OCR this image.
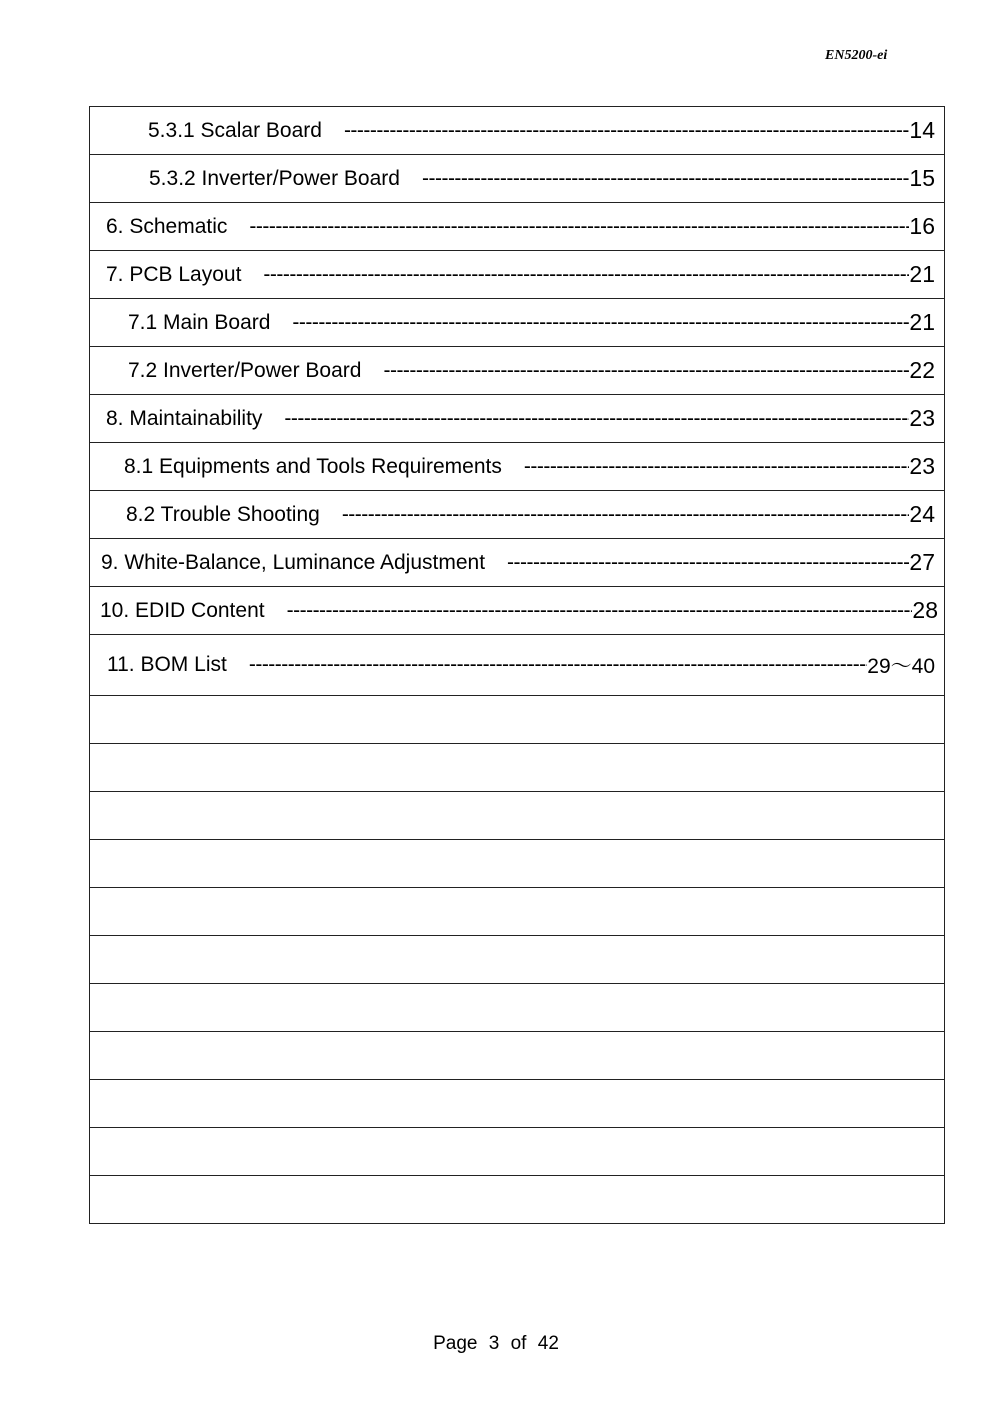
EN5200-ei
5.3.1 Scalar Board -----	14

5.3.2 Inverter/Power Board -----	15

6. Schematic -----	16

7. PCB Layout -----	21

7.1 Main Board -----	21

7.2 Inverter/Power Board -----	22

8. Maintainability -----	23

8.1 Equipments and Tools Requirements -----	23

8.2 Trouble Shooting -----	24

9. White-Balance, Luminance Adjustment -----	27

10. EDID Content -----	28

11. BOM List -----	29～40

Page 3 of 42
